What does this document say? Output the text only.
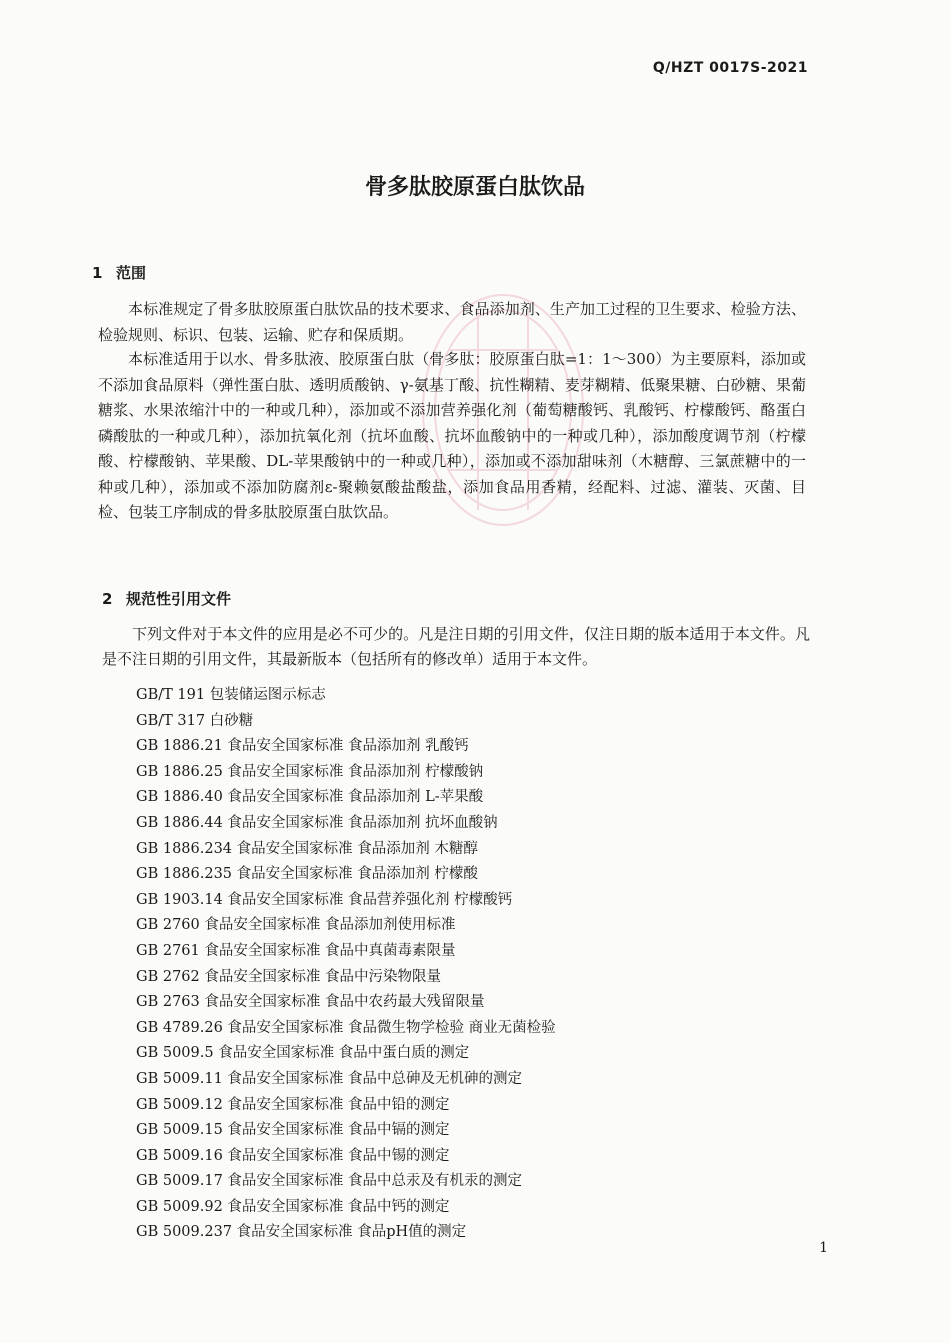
Q/HZT 0017S-2021
骨多肽胶原蛋白肽饮品
1 范围
本标准规定了骨多肽胶原蛋白肽饮品的技术要求、食品添加剂、生产加工过程的卫生要求、检验方法、检验规则、标识、包装、运输、贮存和保质期。
本标准适用于以水、骨多肽液、胶原蛋白肽（骨多肽：胶原蛋白肽=1：1～300）为主要原料，添加或不添加食品原料（弹性蛋白肽、透明质酸钠、γ-氨基丁酸、抗性糊精、麦芽糊精、低聚果糖、白砂糖、果葡糖浆、水果浓缩汁中的一种或几种），添加或不添加营养强化剂（葡萄糖酸钙、乳酸钙、柠檬酸钙、酪蛋白磷酸肽的一种或几种），添加抗氧化剂（抗坏血酸、抗坏血酸钠中的一种或几种），添加酸度调节剂（柠檬酸、柠檬酸钠、苹果酸、DL-苹果酸钠中的一种或几种），添加或不添加甜味剂（木糖醇、三氯蔗糖中的一种或几种），添加或不添加防腐剂ε-聚赖氨酸盐酸盐，添加食品用香精，经配料、过滤、灌装、灭菌、目检、包装工序制成的骨多肽胶原蛋白肽饮品。
2 规范性引用文件
下列文件对于本文件的应用是必不可少的。凡是注日期的引用文件，仅注日期的版本适用于本文件。凡是不注日期的引用文件，其最新版本（包括所有的修改单）适用于本文件。
GB/T 191 包装储运图示标志
GB/T 317 白砂糖
GB 1886.21 食品安全国家标准 食品添加剂 乳酸钙
GB 1886.25 食品安全国家标准 食品添加剂 柠檬酸钠
GB 1886.40 食品安全国家标准 食品添加剂 L-苹果酸
GB 1886.44 食品安全国家标准 食品添加剂 抗坏血酸钠
GB 1886.234 食品安全国家标准 食品添加剂 木糖醇
GB 1886.235 食品安全国家标准 食品添加剂 柠檬酸
GB 1903.14 食品安全国家标准 食品营养强化剂 柠檬酸钙
GB 2760 食品安全国家标准 食品添加剂使用标准
GB 2761 食品安全国家标准 食品中真菌毒素限量
GB 2762 食品安全国家标准 食品中污染物限量
GB 2763 食品安全国家标准 食品中农药最大残留限量
GB 4789.26 食品安全国家标准 食品微生物学检验 商业无菌检验
GB 5009.5 食品安全国家标准 食品中蛋白质的测定
GB 5009.11 食品安全国家标准 食品中总砷及无机砷的测定
GB 5009.12 食品安全国家标准 食品中铅的测定
GB 5009.15 食品安全国家标准 食品中镉的测定
GB 5009.16 食品安全国家标准 食品中锡的测定
GB 5009.17 食品安全国家标准 食品中总汞及有机汞的测定
GB 5009.92 食品安全国家标准 食品中钙的测定
GB 5009.237 食品安全国家标准 食品pH值的测定
1
